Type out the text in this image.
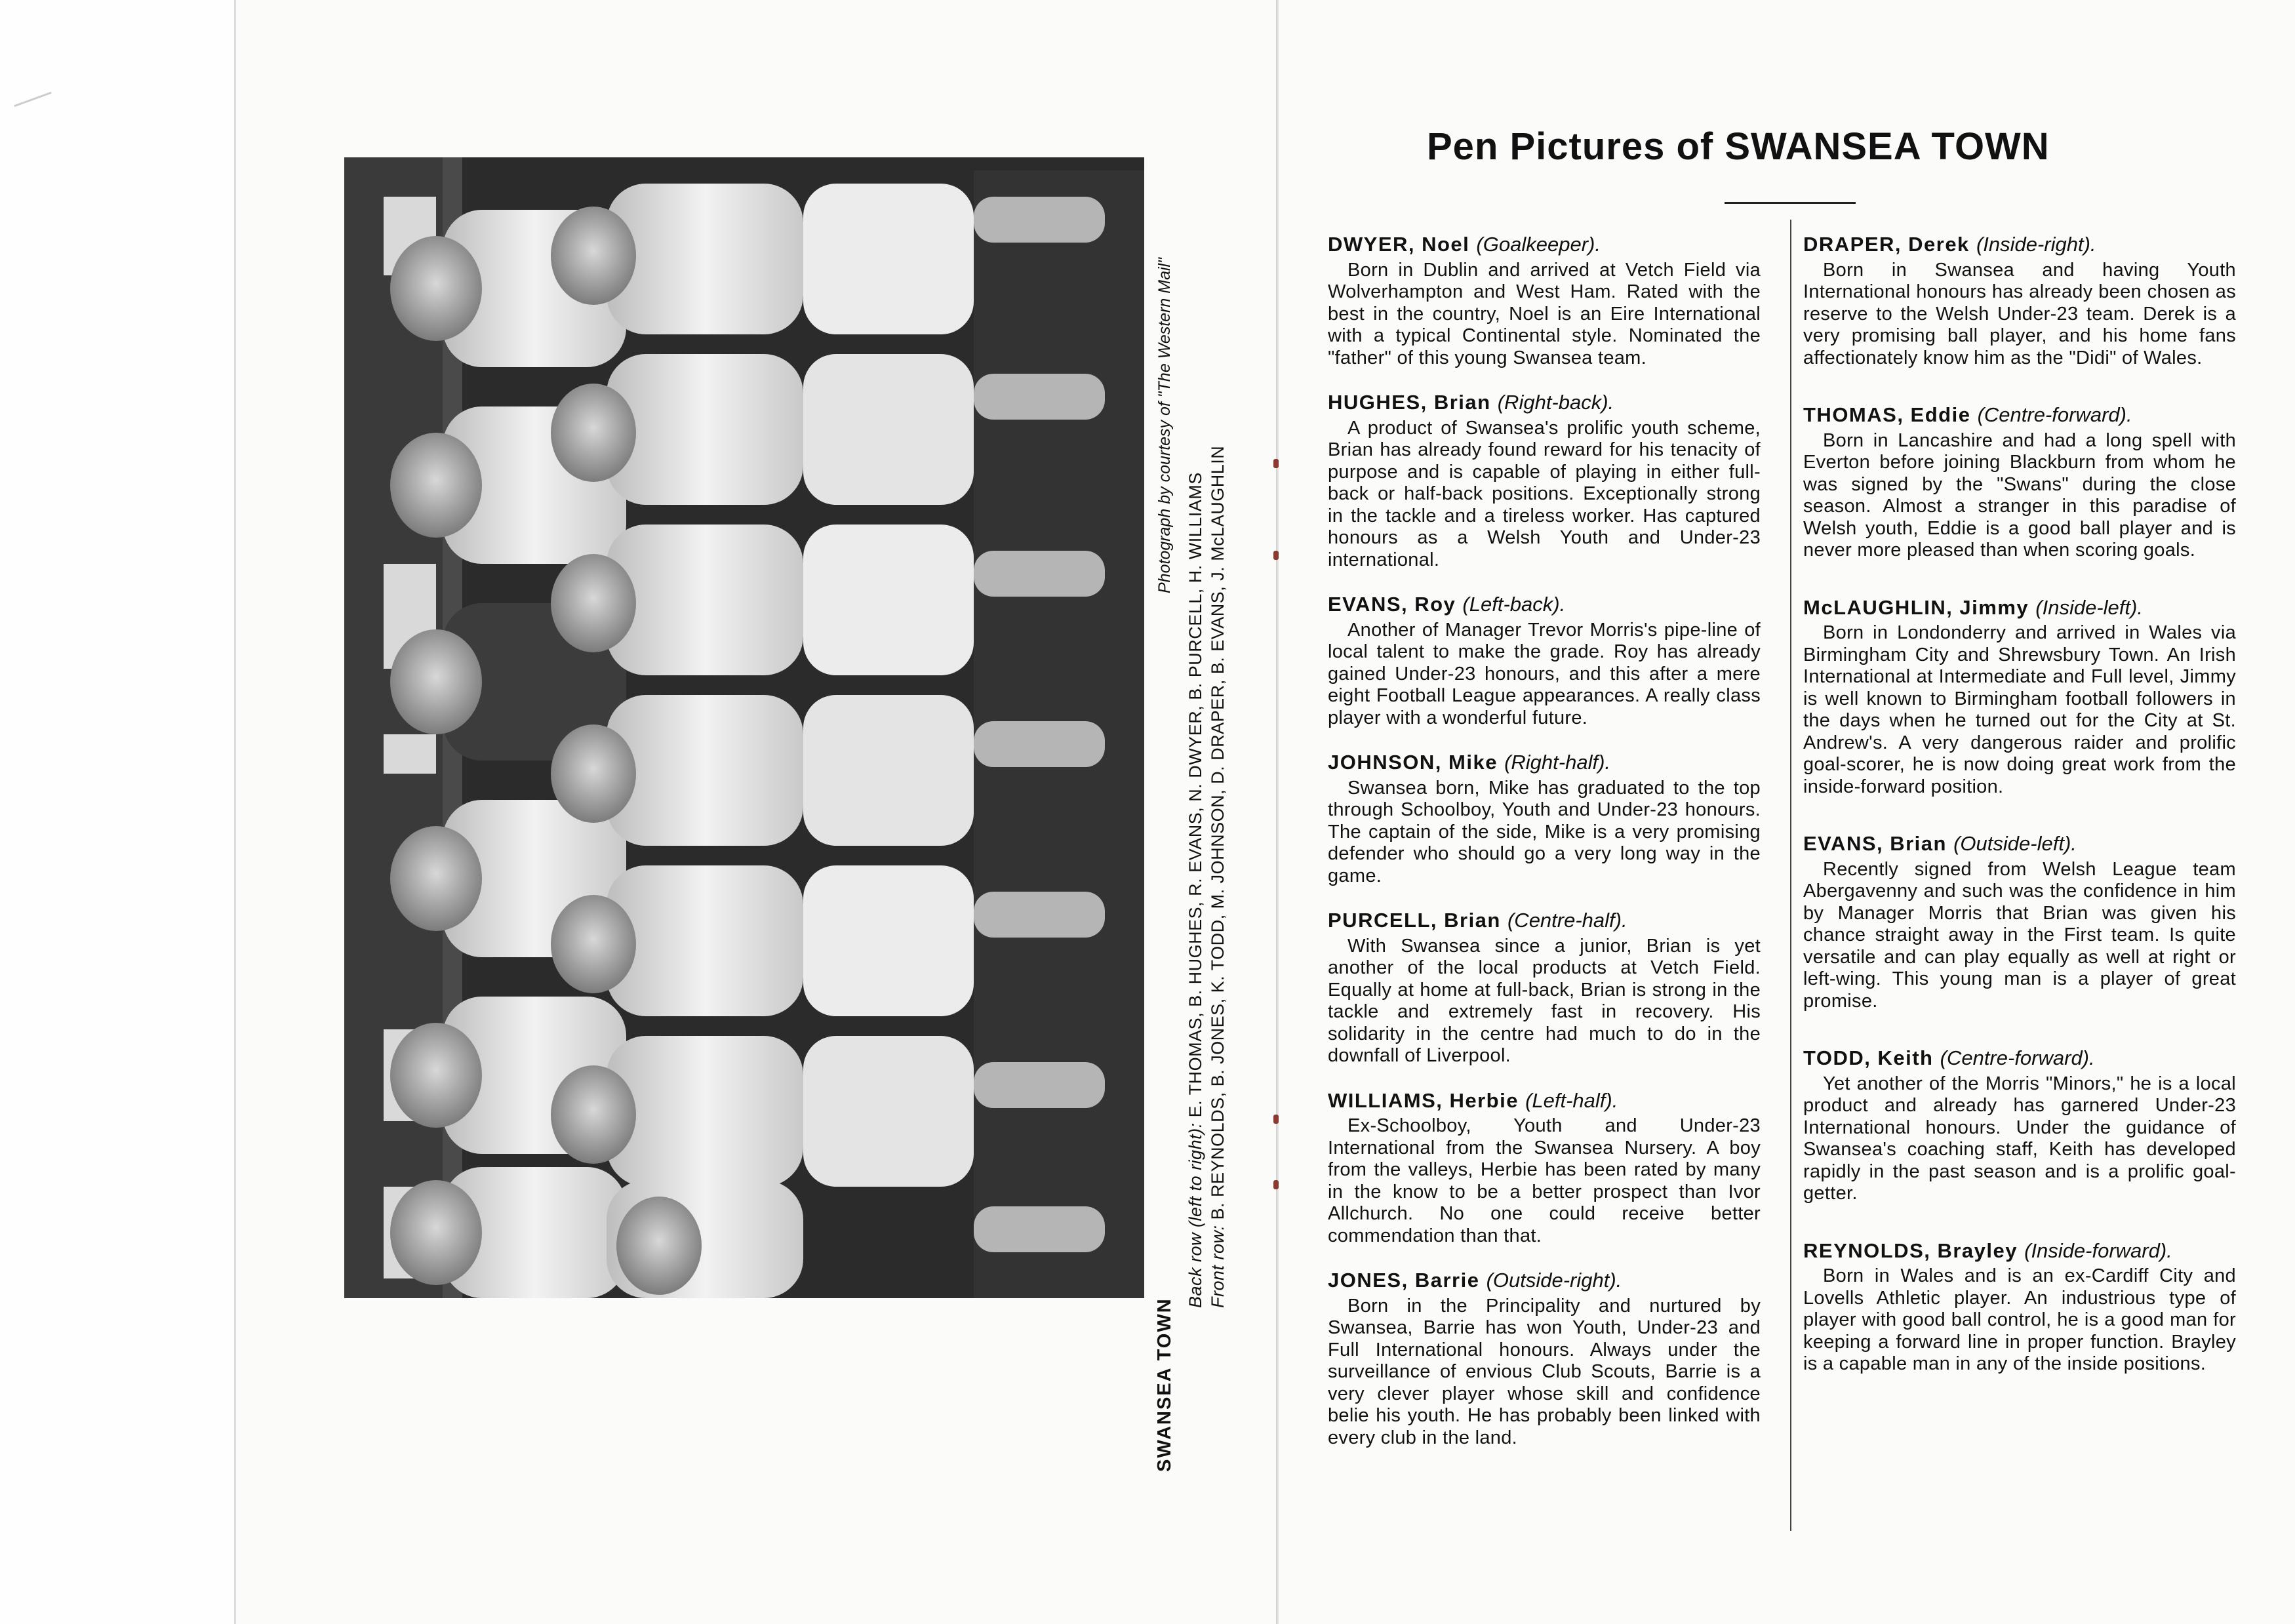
SWANSEA TOWN
Back row (left to right): E. THOMAS, B. HUGHES, R. EVANS, N. DWYER, B. PURCELL, H. WILLIAMS
Front row: B. REYNOLDS, B. JONES, K. TODD, M. JOHNSON, D. DRAPER, B. EVANS, J. McLAUGHLIN
Photograph by courtesy of "The Western Mail"
Pen Pictures of SWANSEA TOWN
DWYER, Noel (Goalkeeper).
Born in Dublin and arrived at Vetch Field via Wolverhampton and West Ham. Rated with the best in the country, Noel is an Eire International with a typical Continental style. Nominated the "father" of this young Swansea team.
HUGHES, Brian (Right-back).
A product of Swansea's prolific youth scheme, Brian has already found reward for his tenacity of purpose and is capable of playing in either full-back or half-back positions. Exceptionally strong in the tackle and a tireless worker. Has captured honours as a Welsh Youth and Under-23 international.
EVANS, Roy (Left-back).
Another of Manager Trevor Morris's pipe-line of local talent to make the grade. Roy has already gained Under-23 honours, and this after a mere eight Football League appearances. A really class player with a wonderful future.
JOHNSON, Mike (Right-half).
Swansea born, Mike has graduated to the top through Schoolboy, Youth and Under-23 honours. The captain of the side, Mike is a very promising defender who should go a very long way in the game.
PURCELL, Brian (Centre-half).
With Swansea since a junior, Brian is yet another of the local products at Vetch Field. Equally at home at full-back, Brian is strong in the tackle and extremely fast in recovery. His solidarity in the centre had much to do in the downfall of Liverpool.
WILLIAMS, Herbie (Left-half).
Ex-Schoolboy, Youth and Under-23 International from the Swansea Nursery. A boy from the valleys, Herbie has been rated by many in the know to be a better prospect than Ivor Allchurch. No one could receive better commendation than that.
JONES, Barrie (Outside-right).
Born in the Principality and nurtured by Swansea, Barrie has won Youth, Under-23 and Full International honours. Always under the surveillance of envious Club Scouts, Barrie is a very clever player whose skill and confidence belie his youth. He has probably been linked with every club in the land.
DRAPER, Derek (Inside-right).
Born in Swansea and having Youth International honours has already been chosen as reserve to the Welsh Under-23 team. Derek is a very promising ball player, and his home fans affectionately know him as the "Didi" of Wales.
THOMAS, Eddie (Centre-forward).
Born in Lancashire and had a long spell with Everton before joining Blackburn from whom he was signed by the "Swans" during the close season. Almost a stranger in this paradise of Welsh youth, Eddie is a good ball player and is never more pleased than when scoring goals.
McLAUGHLIN, Jimmy (Inside-left).
Born in Londonderry and arrived in Wales via Birmingham City and Shrewsbury Town. An Irish International at Intermediate and Full level, Jimmy is well known to Birmingham football followers in the days when he turned out for the City at St. Andrew's. A very dangerous raider and prolific goal-scorer, he is now doing great work from the inside-forward position.
EVANS, Brian (Outside-left).
Recently signed from Welsh League team Abergavenny and such was the confidence in him by Manager Morris that Brian was given his chance straight away in the First team. Is quite versatile and can play equally as well at right or left-wing. This young man is a player of great promise.
TODD, Keith (Centre-forward).
Yet another of the Morris "Minors," he is a local product and already has garnered Under-23 International honours. Under the guidance of Swansea's coaching staff, Keith has developed rapidly in the past season and is a prolific goal-getter.
REYNOLDS, Brayley (Inside-forward).
Born in Wales and is an ex-Cardiff City and Lovells Athletic player. An industrious type of player with good ball control, he is a good man for keeping a forward line in proper function. Brayley is a capable man in any of the inside positions.
